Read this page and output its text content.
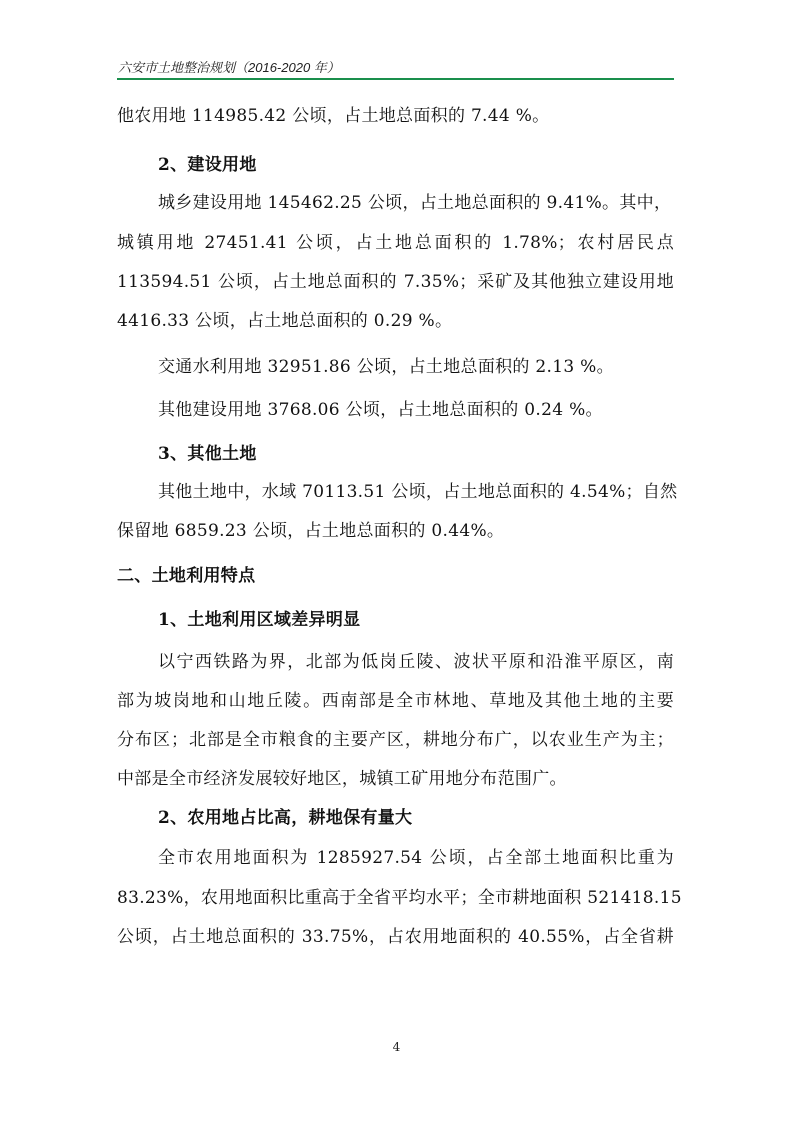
六安市土地整治规划（2016-2020 年）
他农用地 114985.42 公顷，占土地总面积的 7.44 %。
2、建设用地
城乡建设用地 145462.25 公顷，占土地总面积的 9.41%。其中，
城镇用地 27451.41 公顷，占土地总面积的 1.78%；农村居民点
113594.51 公顷，占土地总面积的 7.35%；采矿及其他独立建设用地
4416.33 公顷，占土地总面积的 0.29 %。
交通水利用地 32951.86 公顷，占土地总面积的 2.13 %。
其他建设用地 3768.06 公顷，占土地总面积的 0.24 %。
3、其他土地
其他土地中，水域 70113.51 公顷，占土地总面积的 4.54%；自然
保留地 6859.23 公顷，占土地总面积的 0.44%。
二、土地利用特点
1、土地利用区域差异明显
以宁西铁路为界，北部为低岗丘陵、波状平原和沿淮平原区，南
部为坡岗地和山地丘陵。西南部是全市林地、草地及其他土地的主要
分布区；北部是全市粮食的主要产区，耕地分布广，以农业生产为主；
中部是全市经济发展较好地区，城镇工矿用地分布范围广。
2、农用地占比高，耕地保有量大
全市农用地面积为 1285927.54 公顷，占全部土地面积比重为
83.23%，农用地面积比重高于全省平均水平；全市耕地面积 521418.15
公顷，占土地总面积的 33.75%，占农用地面积的 40.55%，占全省耕
4
